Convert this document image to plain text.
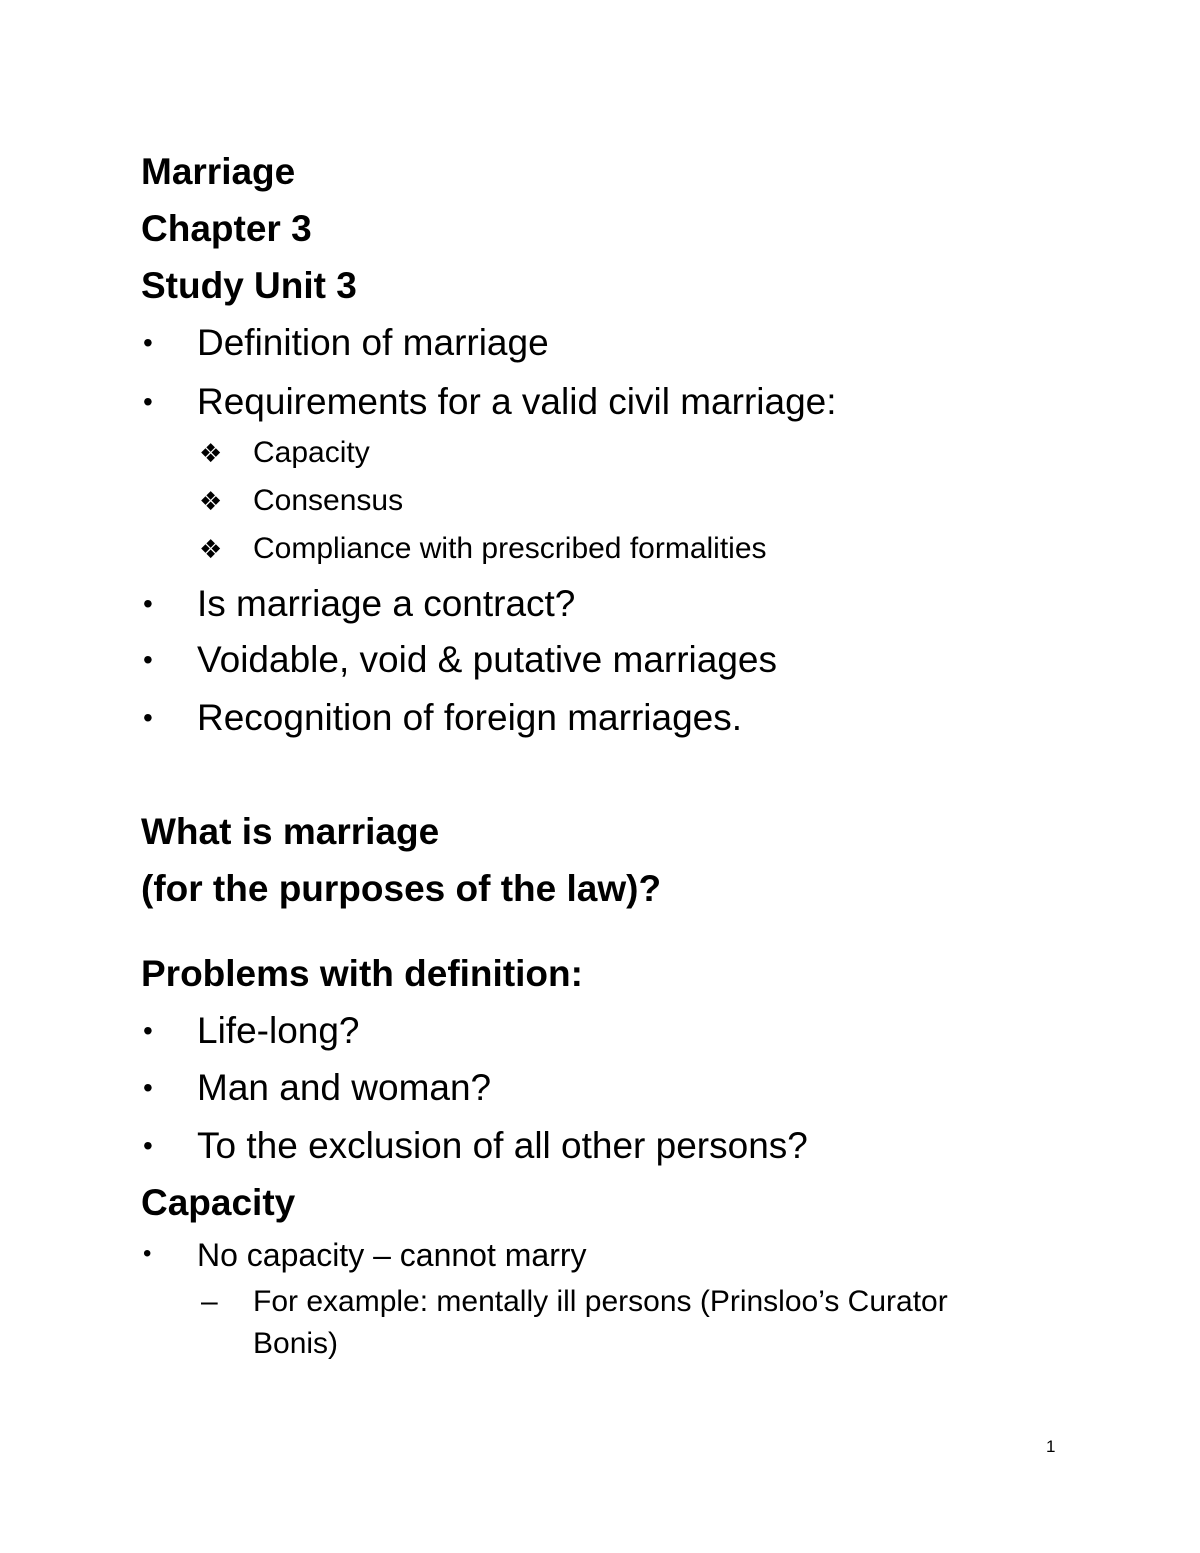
Marriage
Chapter 3
Study Unit 3
• Definition of marriage
• Requirements for a valid civil marriage:
❖ Capacity
❖ Consensus
❖ Compliance with prescribed formalities
• Is marriage a contract?
• Voidable, void & putative marriages
• Recognition of foreign marriages.
What is marriage
(for the purposes of the law)?
Problems with definition:
• Life-long?
• Man and woman?
• To the exclusion of all other persons?
Capacity
• No capacity – cannot marry
– For example: mentally ill persons (Prinsloo’s Curator
Bonis)
1
